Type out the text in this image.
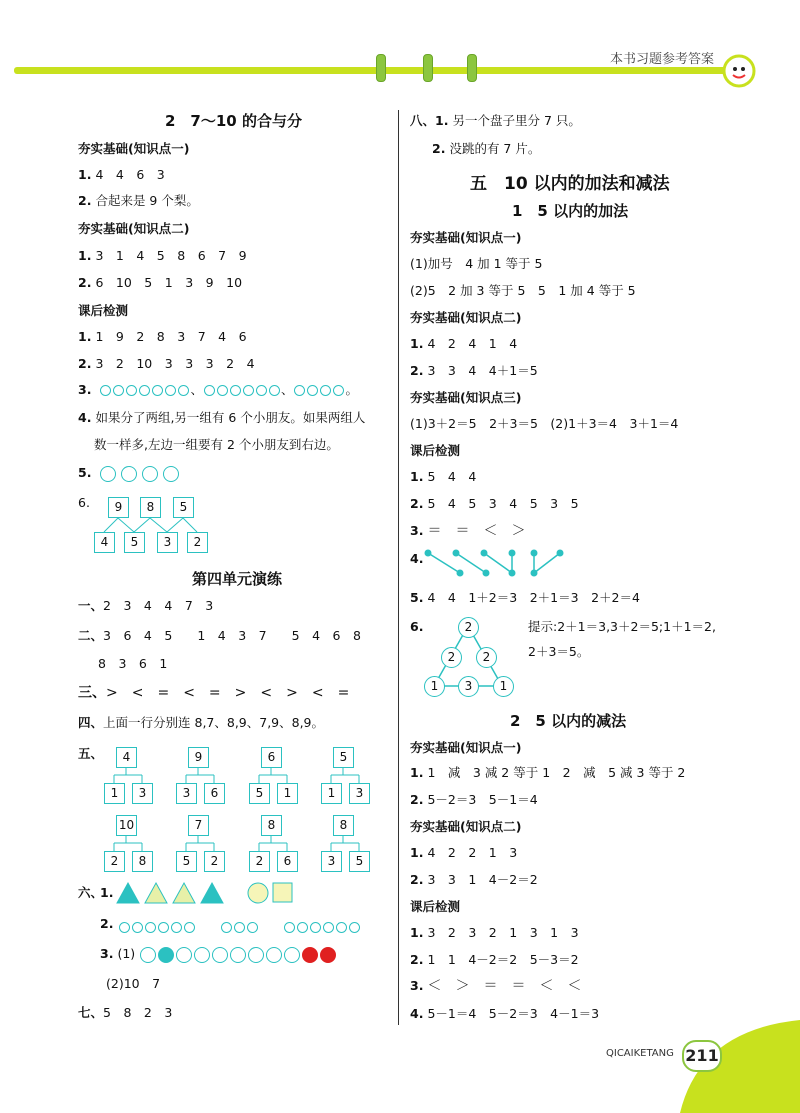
本书习题参考答案
2　7～10 的合与分
夯实基础(知识点一)
1. 4　4　6　3
2. 合起来是 9 个梨。
夯实基础(知识点二)
1. 3　1　4　5　8　6　7　9
2. 6　10　5　1　3　9　10
课后检测
1. 1　9　2　8　3　7　4　6
2. 3　2　10　3　3　3　2　4
3.	、	、	。
4. 如果分了两组,另一组有 6 个小朋友。如果两组人
数一样多,左边一组要有 2 个小朋友到右边。
5.
6.	9	8	5
4	5	3	2
第四单元演练
一、2　3　4　4　7　3
二、3　6　4　5　　1　4　3　7　　5　4　6　8
8　3　6　1
三、>　<　=　<　=　>　<　>　<　=
四、上面一行分别连 8,7、8,9、7,9、8,9。
五、	4
1	3
9
3	6
6
5	1
5
1	3
10
2	8
7
5	2
8
2	6
8
3	5
六、
1.
2.

3. (1)
(2)10　7
七、5　8　2　3
八、1. 另一个盘子里分 7 只。
2. 没跳的有 7 片。
五　10 以内的加法和减法
1　5 以内的加法
夯实基础(知识点一)
(1)加号　4 加 1 等于 5
(2)5　2 加 3 等于 5　5　1 加 4 等于 5
夯实基础(知识点二)
1. 4　2　4　1　4
2. 3　3　4　4＋1＝5
夯实基础(知识点三)
(1)3＋2＝5　2＋3＝5　(2)1＋3＝4　3＋1＝4
课后检测
1. 5　4　4
2. 5　4　5　3　4　5　3　5
3. ＝　＝　＜　＞
4.
5. 4　4　1＋2＝3　2＋1＝3　2＋2＝4
6.	2
2	2
1	3	1
提示:2＋1＝3,3＋2＝5;1＋1＝2,
2＋3＝5。
2　5 以内的减法
夯实基础(知识点一)
1. 1　减　3 减 2 等于 1　2　减　5 减 3 等于 2
2. 5－2＝3　5－1＝4
夯实基础(知识点二)
1. 4　2　2　1　3
2. 3　3　1　4－2＝2
课后检测
1. 3　2　3　2　1　3　1　3
2. 1　1　4－2＝2　5－3＝2
3. ＜　＞　＝　＝　＜　＜
4. 5－1＝4　5－2＝3　4－1＝3
QICAIKETANG 211
